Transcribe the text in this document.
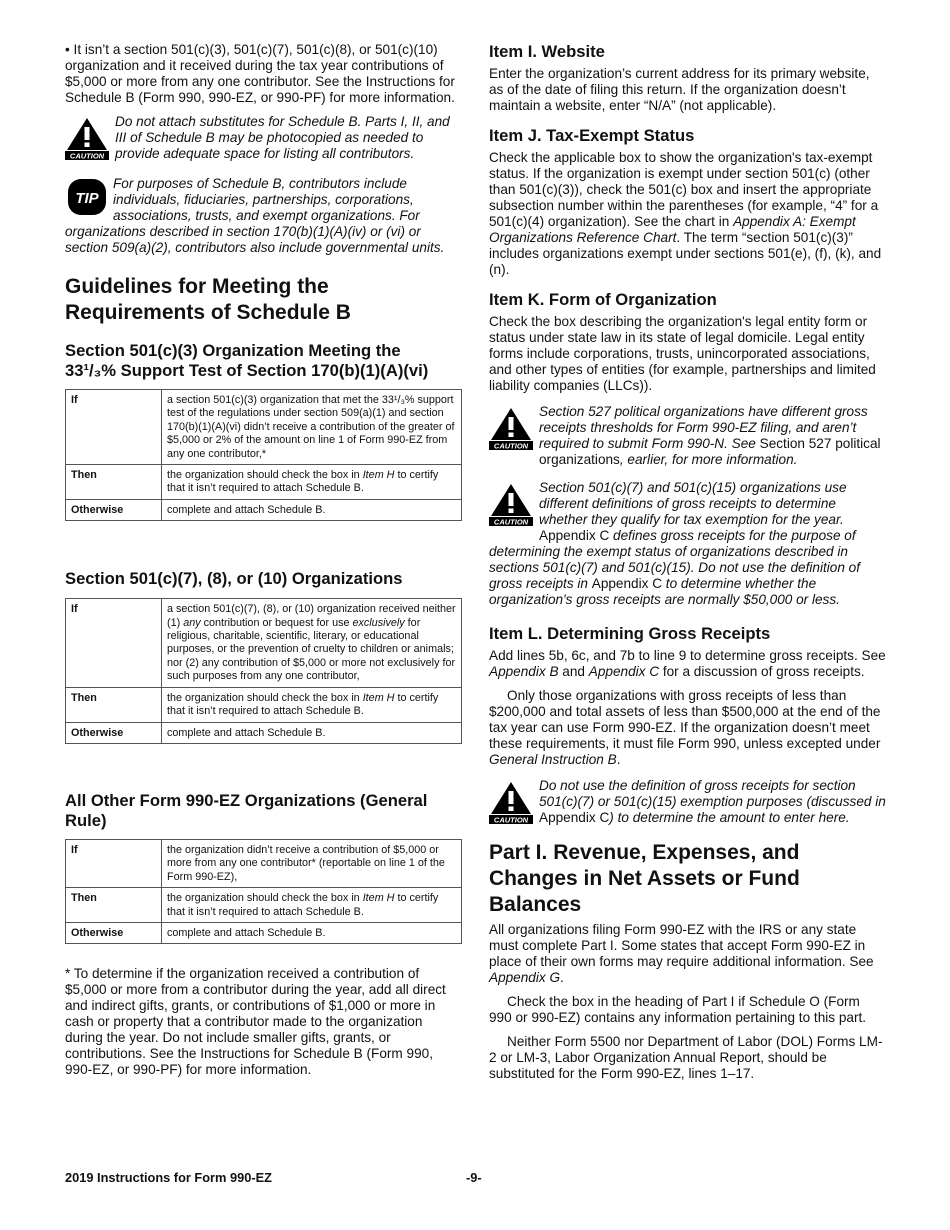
• It isn’t a section 501(c)(3), 501(c)(7), 501(c)(8), or 501(c)(10) organization and it received during the tax year contributions of $5,000 or more from any one contributor. See the Instructions for Schedule B (Form 990, 990-EZ, or 990-PF) for more information.

CAUTION
Do not attach substitutes for Schedule B. Parts I, II, and III of Schedule B may be photocopied as needed to provide adequate space for listing all contributors.
TIP
For purposes of Schedule B, contributors include individuals, fiduciaries, partnerships, corporations, associations, trusts, and exempt organizations. For organizations described in section 170(b)(1)(A)(iv) or (vi) or section 509(a)(2), contributors also include governmental units.
Guidelines for Meeting the Requirements of Schedule B
Section 501(c)(3) Organization Meeting the
33¹/₃% Support Test of Section 170(b)(1)(A)(vi)
If	a section 501(c)(3) organization that met the 33¹/₃% support test of the regulations under section 509(a)(1) and section 170(b)(1)(A)(vi) didn’t receive a contribution of the greater of $5,000 or 2% of the amount on line 1 of Form 990-EZ from any one contributor,*
Then	the organization should check the box in Item H to certify that it isn’t required to attach Schedule B.
Otherwise	complete and attach Schedule B.
Section 501(c)(7), (8), or (10) Organizations
If	a section 501(c)(7), (8), or (10) organization received neither (1) any contribution or bequest for use exclusively for religious, charitable, scientific, literary, or educational purposes, or the prevention of cruelty to children or animals; nor (2) any contribution of $5,000 or more not exclusively for such purposes from any one contributor,
Then	the organization should check the box in Item H to certify that it isn’t required to attach Schedule B.
Otherwise	complete and attach Schedule B.
All Other Form 990-EZ Organizations (General Rule)
If	the organization didn’t receive a contribution of $5,000 or more from any one contributor* (reportable on line 1 of the Form 990-EZ),
Then	the organization should check the box in Item H to certify that it isn’t required to attach Schedule B.
Otherwise	complete and attach Schedule B.

* To determine if the organization received a contribution of $5,000 or more from a contributor during the year, add all direct and indirect gifts, grants, or contributions of $1,000 or more in cash or property that a contributor made to the organization during the year. Do not include smaller gifts, grants, or contributions. See the Instructions for Schedule B (Form 990, 990-EZ, or 990-PF) for more information.

Item I. Website

Enter the organization’s current address for its primary website, as of the date of filing this return. If the organization doesn’t maintain a website, enter “N/A” (not applicable).

Item J. Tax-Exempt Status

Check the applicable box to show the organization's tax-exempt status. If the organization is exempt under section 501(c) (other than 501(c)(3)), check the 501(c) box and insert the appropriate subsection number within the parentheses (for example, “4” for a 501(c)(4) organization). See the chart in Appendix A: Exempt Organizations Reference Chart. The term “section 501(c)(3)” includes organizations exempt under sections 501(e), (f), (k), and (n).

Item K. Form of Organization

Check the box describing the organization's legal entity form or status under state law in its state of legal domicile. Legal entity forms include corporations, trusts, unincorporated associations, and other types of entities (for example, partnerships and limited liability companies (LLCs)).

CAUTION
Section 527 political organizations have different gross receipts thresholds for Form 990-EZ filing, and aren’t required to submit Form 990-N. See Section 527 political organizations, earlier, for more information.
CAUTION
Section 501(c)(7) and 501(c)(15) organizations use different definitions of gross receipts to determine whether they qualify for tax exemption for the year. Appendix C defines gross receipts for the purpose of determining the exempt status of organizations described in sections 501(c)(7) and 501(c)(15). Do not use the definition of gross receipts in Appendix C to determine whether the organization's gross receipts are normally $50,000 or less.
Item L. Determining Gross Receipts

Add lines 5b, 6c, and 7b to line 9 to determine gross receipts. See Appendix B and Appendix C for a discussion of gross receipts.

Only those organizations with gross receipts of less than $200,000 and total assets of less than $500,000 at the end of the tax year can use Form 990-EZ. If the organization doesn’t meet these requirements, it must file Form 990, unless excepted under General Instruction B.

CAUTION
Do not use the definition of gross receipts for section 501(c)(7) or 501(c)(15) exemption purposes (discussed in Appendix C) to determine the amount to enter here.
Part I. Revenue, Expenses, and Changes in Net Assets or Fund Balances

All organizations filing Form 990-EZ with the IRS or any state must complete Part I. Some states that accept Form 990-EZ in place of their own forms may require additional information. See Appendix G.

Check the box in the heading of Part I if Schedule O (Form 990 or 990-EZ) contains any information pertaining to this part.

Neither Form 5500 nor Department of Labor (DOL) Forms LM-2 or LM-3, Labor Organization Annual Report, should be substituted for the Form 990-EZ, lines 1–17.

2019 Instructions for Form 990-EZ	-9-
